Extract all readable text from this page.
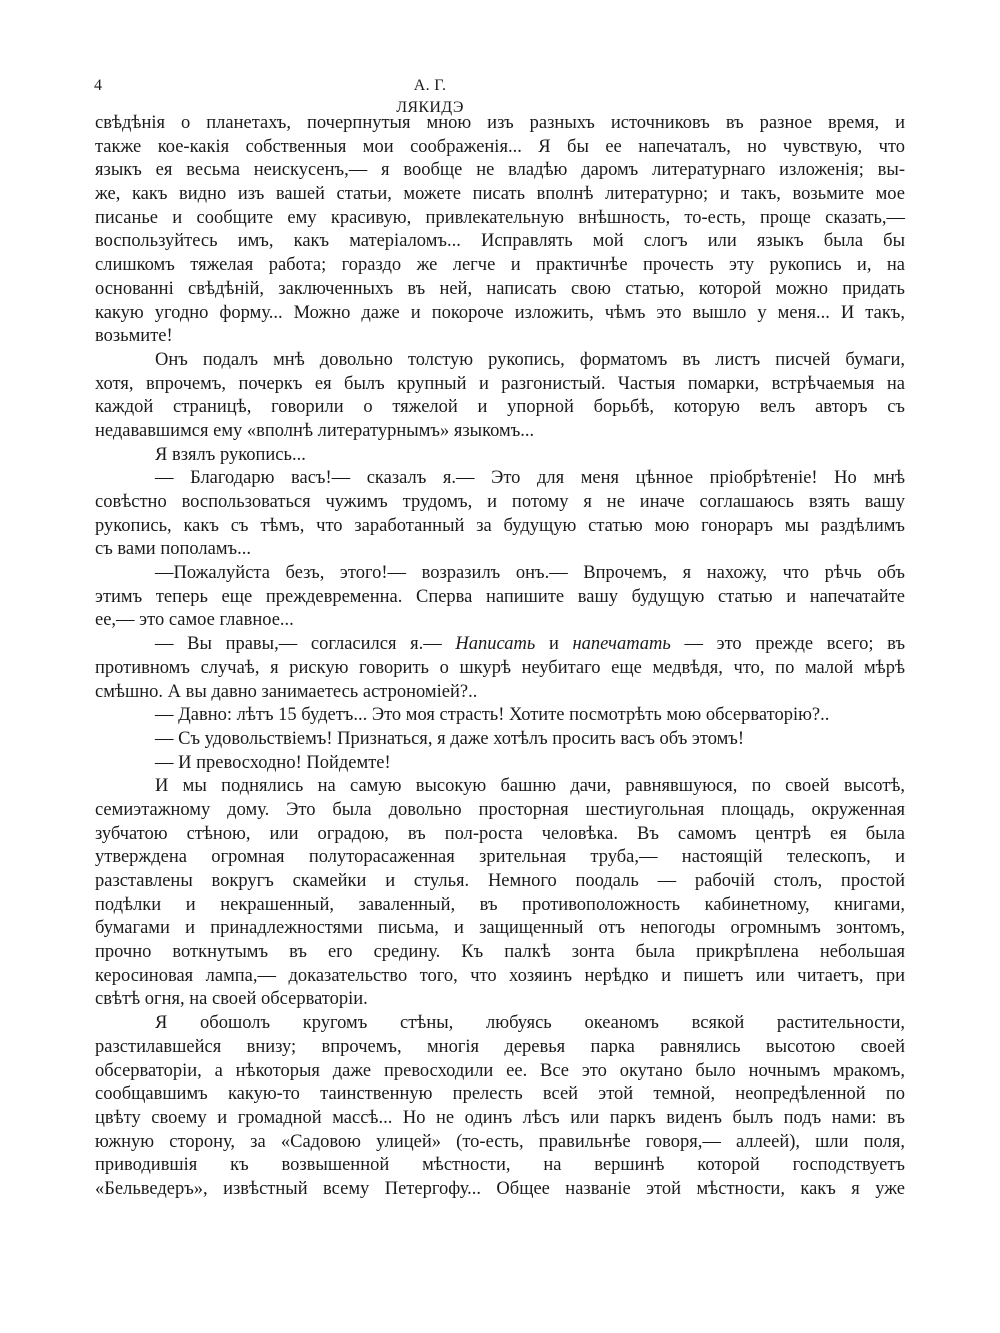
4	А. Г. ЛЯКИДЭ
свѣдѣнія о планетахъ, почерпнутыя мною изъ разныхъ источниковъ въ разное время, и
также кое-какія собственныя мои соображенія... Я бы ее напечаталъ, но чувствую, что
языкъ ея весьма неискусенъ,— я вообще не владѣю даромъ литературнаго изложенія; вы-
же, какъ видно изъ вашей статьи, можете писать вполнѣ литературно; и такъ, возьмите мое
писанье и сообщите ему красивую, привлекательную внѣшность, то-есть, проще сказать,—
воспользуйтесь имъ, какъ матеріаломъ... Исправлять мой слогъ или языкъ была бы
слишкомъ тяжелая работа; гораздо же легче и практичнѣе прочесть эту рукопись и, на
основанні свѣдѣній, заключенныхъ въ ней, написать свою статью, которой можно придать
какую угодно форму... Можно даже и покороче изложить, чѣмъ это вышло у меня... И такъ,
возьмите!
Онъ подалъ мнѣ довольно толстую рукопись, форматомъ въ листъ писчей бумаги,
хотя, впрочемъ, почеркъ ея былъ крупный и разгонистый. Частыя помарки, встрѣчаемыя на
каждой страницѣ, говорили о тяжелой и упорной борьбѣ, которую велъ авторъ съ
недававшимся ему «вполнѣ литературнымъ» языкомъ...
Я взялъ рукопись...
— Благодарю васъ!— сказалъ я.— Это для меня цѣнное пріобрѣтеніе! Но мнѣ
совѣстно воспользоваться чужимъ трудомъ, и потому я не иначе соглашаюсь взять вашу
рукопись, какъ съ тѣмъ, что заработанный за будущую статью мою гонораръ мы раздѣлимъ
съ вами пополамъ...
—Пожалуйста безъ, этого!— возразилъ онъ.— Впрочемъ, я нахожу, что рѣчь объ
этимъ теперь еще преждевременна. Сперва напишите вашу будущую статью и напечатайте
ее,— это самое главное...
— Вы правы,— согласился я.— Написать и напечатать — это прежде всего; въ
противномъ случаѣ, я рискую говорить о шкурѣ неубитаго еще медвѣдя, что, по малой мѣрѣ
смѣшно. А вы давно занимаетесь астрономіей?..
— Давно: лѣтъ 15 будетъ... Это моя страсть! Хотите посмотрѣть мою обсерваторію?..
— Съ удовольствіемъ! Признаться, я даже хотѣлъ просить васъ объ этомъ!
— И превосходно! Пойдемте!
И мы поднялись на самую высокую башню дачи, равнявшуюся, по своей высотѣ,
семиэтажному дому. Это была довольно просторная шестиугольная площадь, окруженная
зубчатою стѣною, или оградою, въ пол-роста человѣка. Въ самомъ центрѣ ея была
утверждена огромная полуторасаженная зрительная труба,— настоящій телескопъ, и
разставлены вокругъ скамейки и стулья. Немного поодаль — рабочій столъ, простой
подѣлки и некрашенный, заваленный, въ противоположность кабинетному, книгами,
бумагами и принадлежностями письма, и защищенный отъ непогоды огромнымъ зонтомъ,
прочно воткнутымъ въ его средину. Къ палкѣ зонта была прикрѣплена небольшая
керосиновая лампа,— доказательство того, что хозяинъ нерѣдко и пишетъ или читаетъ, при
свѣтѣ огня, на своей обсерваторіи.
Я обошолъ кругомъ стѣны, любуясь океаномъ всякой растительности,
разстилавшейся внизу; впрочемъ, многія деревья парка равнялись высотою своей
обсерваторіи, а нѣкоторыя даже превосходили ее. Все это окутано было ночнымъ мракомъ,
сообщавшимъ какую-то таинственную прелесть всей этой темной, неопредѣленной по
цвѣту своему и громадной массѣ... Но не одинъ лѣсъ или паркъ виденъ былъ подъ нами: въ
южную сторону, за «Садовою улицей» (то-есть, правильнѣе говоря,— аллеей), шли поля,
приводившія къ возвышенной мѣстности, на вершинѣ которой господствуетъ
«Бельведеръ», извѣстный всему Петергофу... Общее названіе этой мѣстности, какъ я уже
